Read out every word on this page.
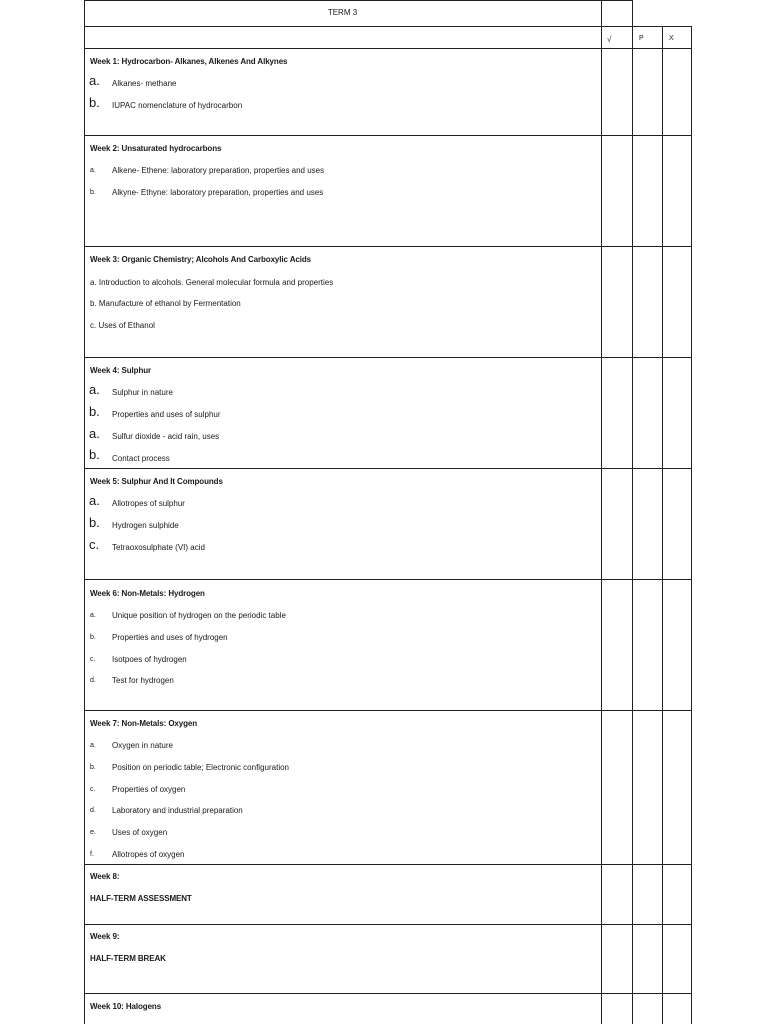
TERM 3
√	P	X
Week 1: Hydrocarbon- Alkanes, Alkenes And Alkynes
a. Alkanes- methane
b. IUPAC nomenclature of hydrocarbon
Week 2: Unsaturated hydrocarbons
a. Alkene- Ethene: laboratory preparation, properties and uses
b. Alkyne- Ethyne: laboratory preparation, properties and uses
Week 3: Organic Chemistry; Alcohols And Carboxylic Acids
a. Introduction to alcohols. General molecular formula and properties
b. Manufacture of ethanol by Fermentation
c. Uses of Ethanol
Week 4: Sulphur
a. Sulphur in nature
b. Properties and uses of sulphur
a. Sulfur dioxide - acid rain, uses
b. Contact process
Week 5: Sulphur And It Compounds
a. Allotropes of sulphur
b. Hydrogen sulphide
c. Tetraoxosulphate (VI) acid
Week 6: Non-Metals: Hydrogen
a. Unique position of hydrogen on the periodic table
b. Properties and uses of hydrogen
c. Isotpoes of hydrogen
d. Test for hydrogen
Week 7: Non-Metals: Oxygen
a. Oxygen in nature
b. Position on periodic table; Electronic configuration
c. Properties of oxygen
d. Laboratory and industrial preparation
e. Uses of oxygen
f. Allotropes of oxygen
Week 8:
HALF-TERM ASSESSMENT
Week 9:
HALF-TERM BREAK
Week 10: Halogens
